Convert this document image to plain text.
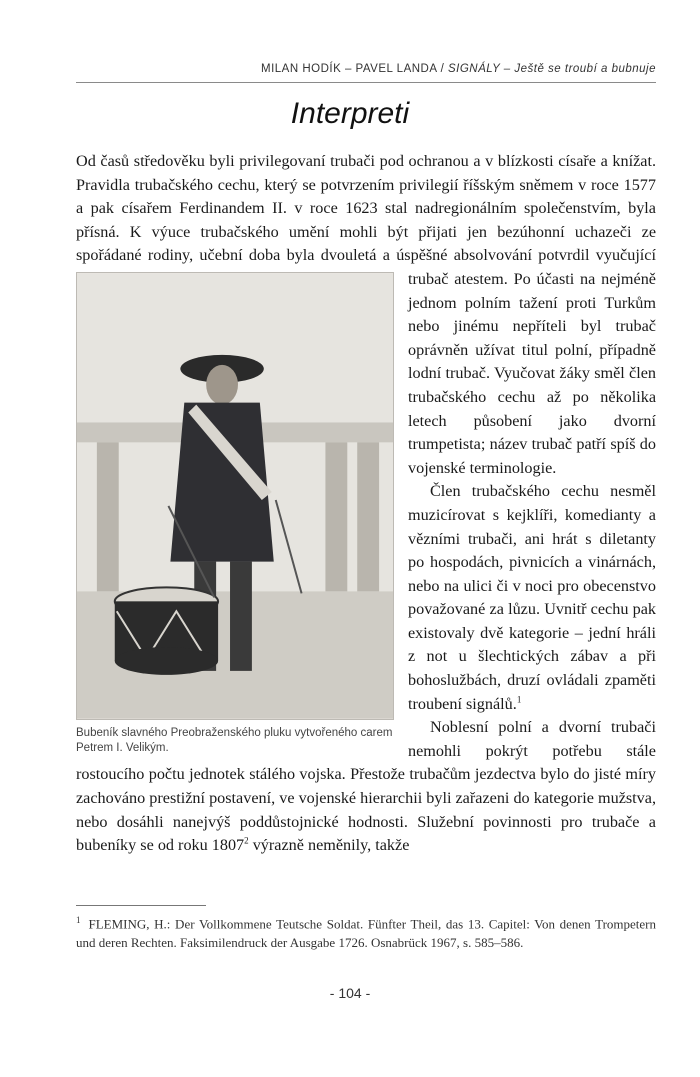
MILAN HODÍK – PAVEL LANDA / SIGNÁLY – Ještě se troubí a bubnuje
Interpreti

Od časů středověku byli privilegovaní trubači pod ochranou a v blízkosti císaře a knížat. Pravidla trubačského cechu, který se potvrzením privilegií říšským sněmem v roce 1577 a pak císařem Ferdinandem II. v roce 1623 stal nadregionálním společenstvím, byla přísná. K výuce trubačského umění mohli být přijati jen bezúhonní uchazeči ze spořádané rodiny, učební doba byla dvouletá a
Bubeník slavného Preobraženského pluku vytvořeného carem Petrem I. Velikým.
úspěšné absolvování potvrdil vyučující trubač atestem. Po účasti na nejméně jednom polním tažení proti Turkům nebo jinému nepříteli byl trubač oprávněn užívat titul polní, případně lodní trubač. Vyučovat žáky směl člen trubačského cechu až po několika letech působení jako dvorní trumpetista; název trubač patří spíš do vojenské terminologie.

Člen trubačského cechu nesměl muzicírovat s kejklíři, komedianty a vězními trubači, ani hrát s diletanty po hospodách, pivnicích a vinárnách, nebo na ulici či v noci pro obecenstvo považované za lůzu. Uvnitř cechu pak existovaly dvě kategorie – jední hráli z not u šlechtických zábav a při bohoslužbách, druzí ovládali zpaměti troubení signálů.$^1$

Noblesní polní a dvorní trubači nemohli pokrýt potřebu stále rostoucího počtu jednotek stálého vojska. Přestože trubačům jezdectva bylo do jisté míry zachováno prestižní postavení, ve vojenské hierarchii byli zařazeni do kategorie mužstva, nebo dosáhli nanejvýš poddůstojnické hodnosti. Služební povinnosti pro trubače a bubeníky se od roku 1807$^2$ výrazně neměnily, takže

$^1$ FLEMING, H.: Der Vollkommene Teutsche Soldat. Fünfter Theil, das 13. Capitel: Von denen Trompetern und deren Rechten. Faksimilendruck der Ausgabe 1726. Osnabrück 1967, s. 585–586.
- 104 -
